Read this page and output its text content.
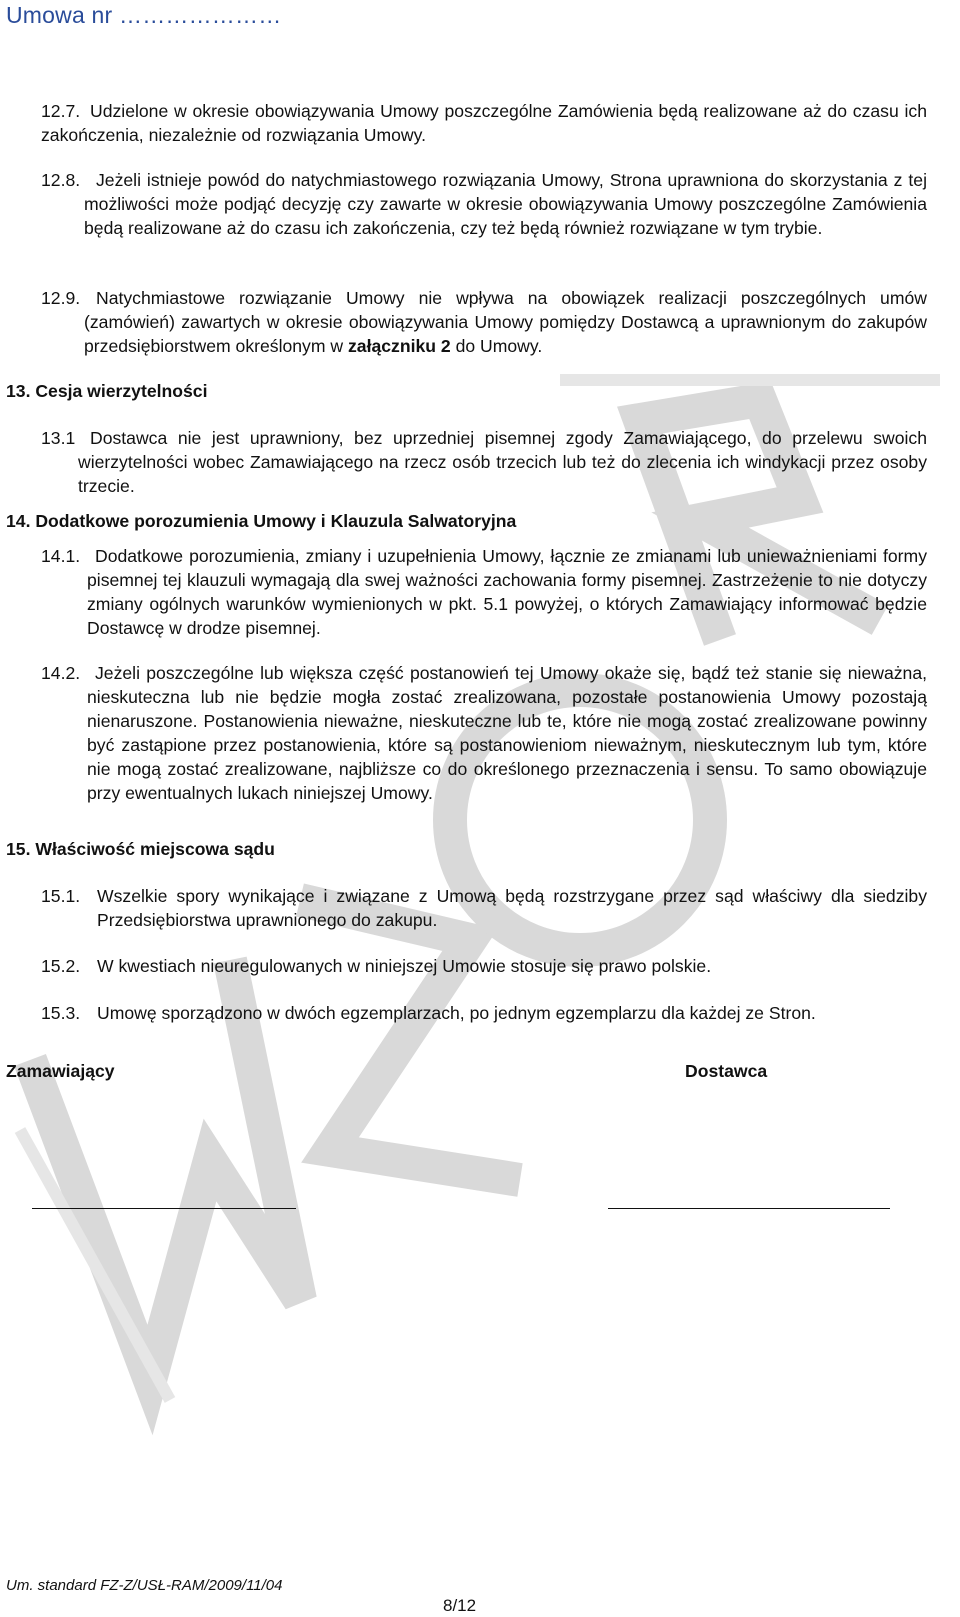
Umowa nr …………………
12.7. Udzielone w okresie obowiązywania Umowy poszczególne Zamówienia będą realizowane aż do czasu ich zakończenia, niezależnie od rozwiązania Umowy.
12.8. Jeżeli istnieje powód do natychmiastowego rozwiązania Umowy, Strona uprawniona do skorzystania z tej możliwości może podjąć decyzję czy zawarte w okresie obowiązywania Umowy poszczególne Zamówienia będą realizowane aż do czasu ich zakończenia, czy też będą również rozwiązane w tym trybie.
12.9. Natychmiastowe rozwiązanie Umowy nie wpływa na obowiązek realizacji poszczególnych umów (zamówień) zawartych w okresie obowiązywania Umowy pomiędzy Dostawcą a uprawnionym do zakupów przedsiębiorstwem określonym w załączniku 2 do Umowy.
13. Cesja wierzytelności
13.1 Dostawca nie jest uprawniony, bez uprzedniej pisemnej zgody Zamawiającego, do przelewu swoich wierzytelności wobec Zamawiającego na rzecz osób trzecich lub też do zlecenia ich windykacji przez osoby trzecie.
14. Dodatkowe porozumienia Umowy i Klauzula Salwatoryjna
14.1. Dodatkowe porozumienia, zmiany i uzupełnienia Umowy, łącznie ze zmianami lub unieważnieniami formy pisemnej tej klauzuli wymagają dla swej ważności zachowania formy pisemnej. Zastrzeżenie to nie dotyczy zmiany ogólnych warunków wymienionych w pkt. 5.1 powyżej, o których Zamawiający informować będzie Dostawcę w drodze pisemnej.
14.2. Jeżeli poszczególne lub większa część postanowień tej Umowy okaże się, bądź też stanie się nieważna, nieskuteczna lub nie będzie mogła zostać zrealizowana, pozostałe postanowienia Umowy pozostają nienaruszone. Postanowienia nieważne, nieskuteczne lub te, które nie mogą zostać zrealizowane powinny być zastąpione przez postanowienia, które są postanowieniom nieważnym, nieskutecznym lub tym, które nie mogą zostać zrealizowane, najbliższe co do określonego przeznaczenia i sensu. To samo obowiązuje przy ewentualnych lukach niniejszej Umowy.
15. Właściwość miejscowa sądu
15.1. Wszelkie spory wynikające i związane z Umową będą rozstrzygane przez sąd właściwy dla siedziby Przedsiębiorstwa uprawnionego do zakupu.
15.2. W kwestiach nieuregulowanych w niniejszej Umowie stosuje się prawo polskie.
15.3. Umowę sporządzono w dwóch egzemplarzach, po jednym egzemplarzu dla każdej ze Stron.
Zamawiający	Dostawca
Um. standard FZ-Z/USŁ-RAM/2009/11/04
8/12
